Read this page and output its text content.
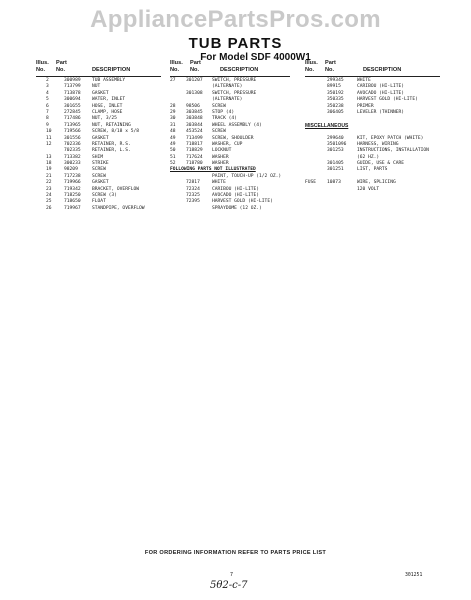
AppliancePartsPros.com
TUB PARTS
For Model SDF 4000W1
Illus. Part
No. No.	DESCRIPTION
2	300989 TUB ASSEMBLY
3	713799 NUT
4	713878 GASKET
5	300694 WATER, INLET
6	301655 HOSE, INLET
7	272845 CLAMP, HOSE
8	717486 NUT, 3/25
9	713965 NUT, RETAINING
10	719566 SCREW, 8/18 x 5/8
11	301556 GASKET
12	702336 RETAINER, R.S.
702335 RETAINER, L.S.
13	713382 SHIM
18	300233 STRIKE
19	98209	SCREW
21	717238 SCREW
22	719966 GASKET
23	719342 BRACKET, OVERFLOW
24	718250 SCREW (3)
25	718650 FLOAT
26	719967 STANDPIPE, OVERFLOW
Illus. Part
No. No.	DESCRIPTION
27 301207 SWITCH, PRESSURE
(ALTERNATE)
301308 SWITCH, PRESSURE
(ALTERNATE)
28 98506	SCREW
29 303845 STOP (4)
30 303848 TRACK (4)
31 303844 WHEEL ASSEMBLY (4)
48 453524 SCREW
49 713499 SCREW, SHOULDER
49 718817 WASHER, CUP
50 718829 LOCKNUT
51 717624 WASHER
52 718780 WASHER
FOLLOWING PARTS NOT ILLUSTRATED
PAINT, TOUCH-UP (1/2 OZ.)
72817	WHITE
72324	CARIBOU (HI-LITE)
72325	AVOCADO (HI-LITE)
72395	HARVEST GOLD (HI-LITE)
SPRAYDOME (12 OZ.)
Illus. Part
No. No.	DESCRIPTION
299345	WHITE
89915	CARIBOU (HI-LITE)
350192	AVOCADO (HI-LITE)
350335	HARVEST GOLD (HI-LITE)
350238	PRIMER
306405	LEVELER (THINNER)
MISCELLANEOUS
299640	KIT, EPOXY PATCH (WHITE)
3501096 HARNESS, WIRING
301253	INSTRUCTIONS, INSTALLATION
(62 HZ.)
301405	GUIDE, USE & CARE
301251	LIST, PARTS
FUSE 10873	WIRE, SPLICING
120 VOLT
FOR ORDERING INFORMATION REFER TO PARTS PRICE LIST
7	301251
5θ2-c-7
